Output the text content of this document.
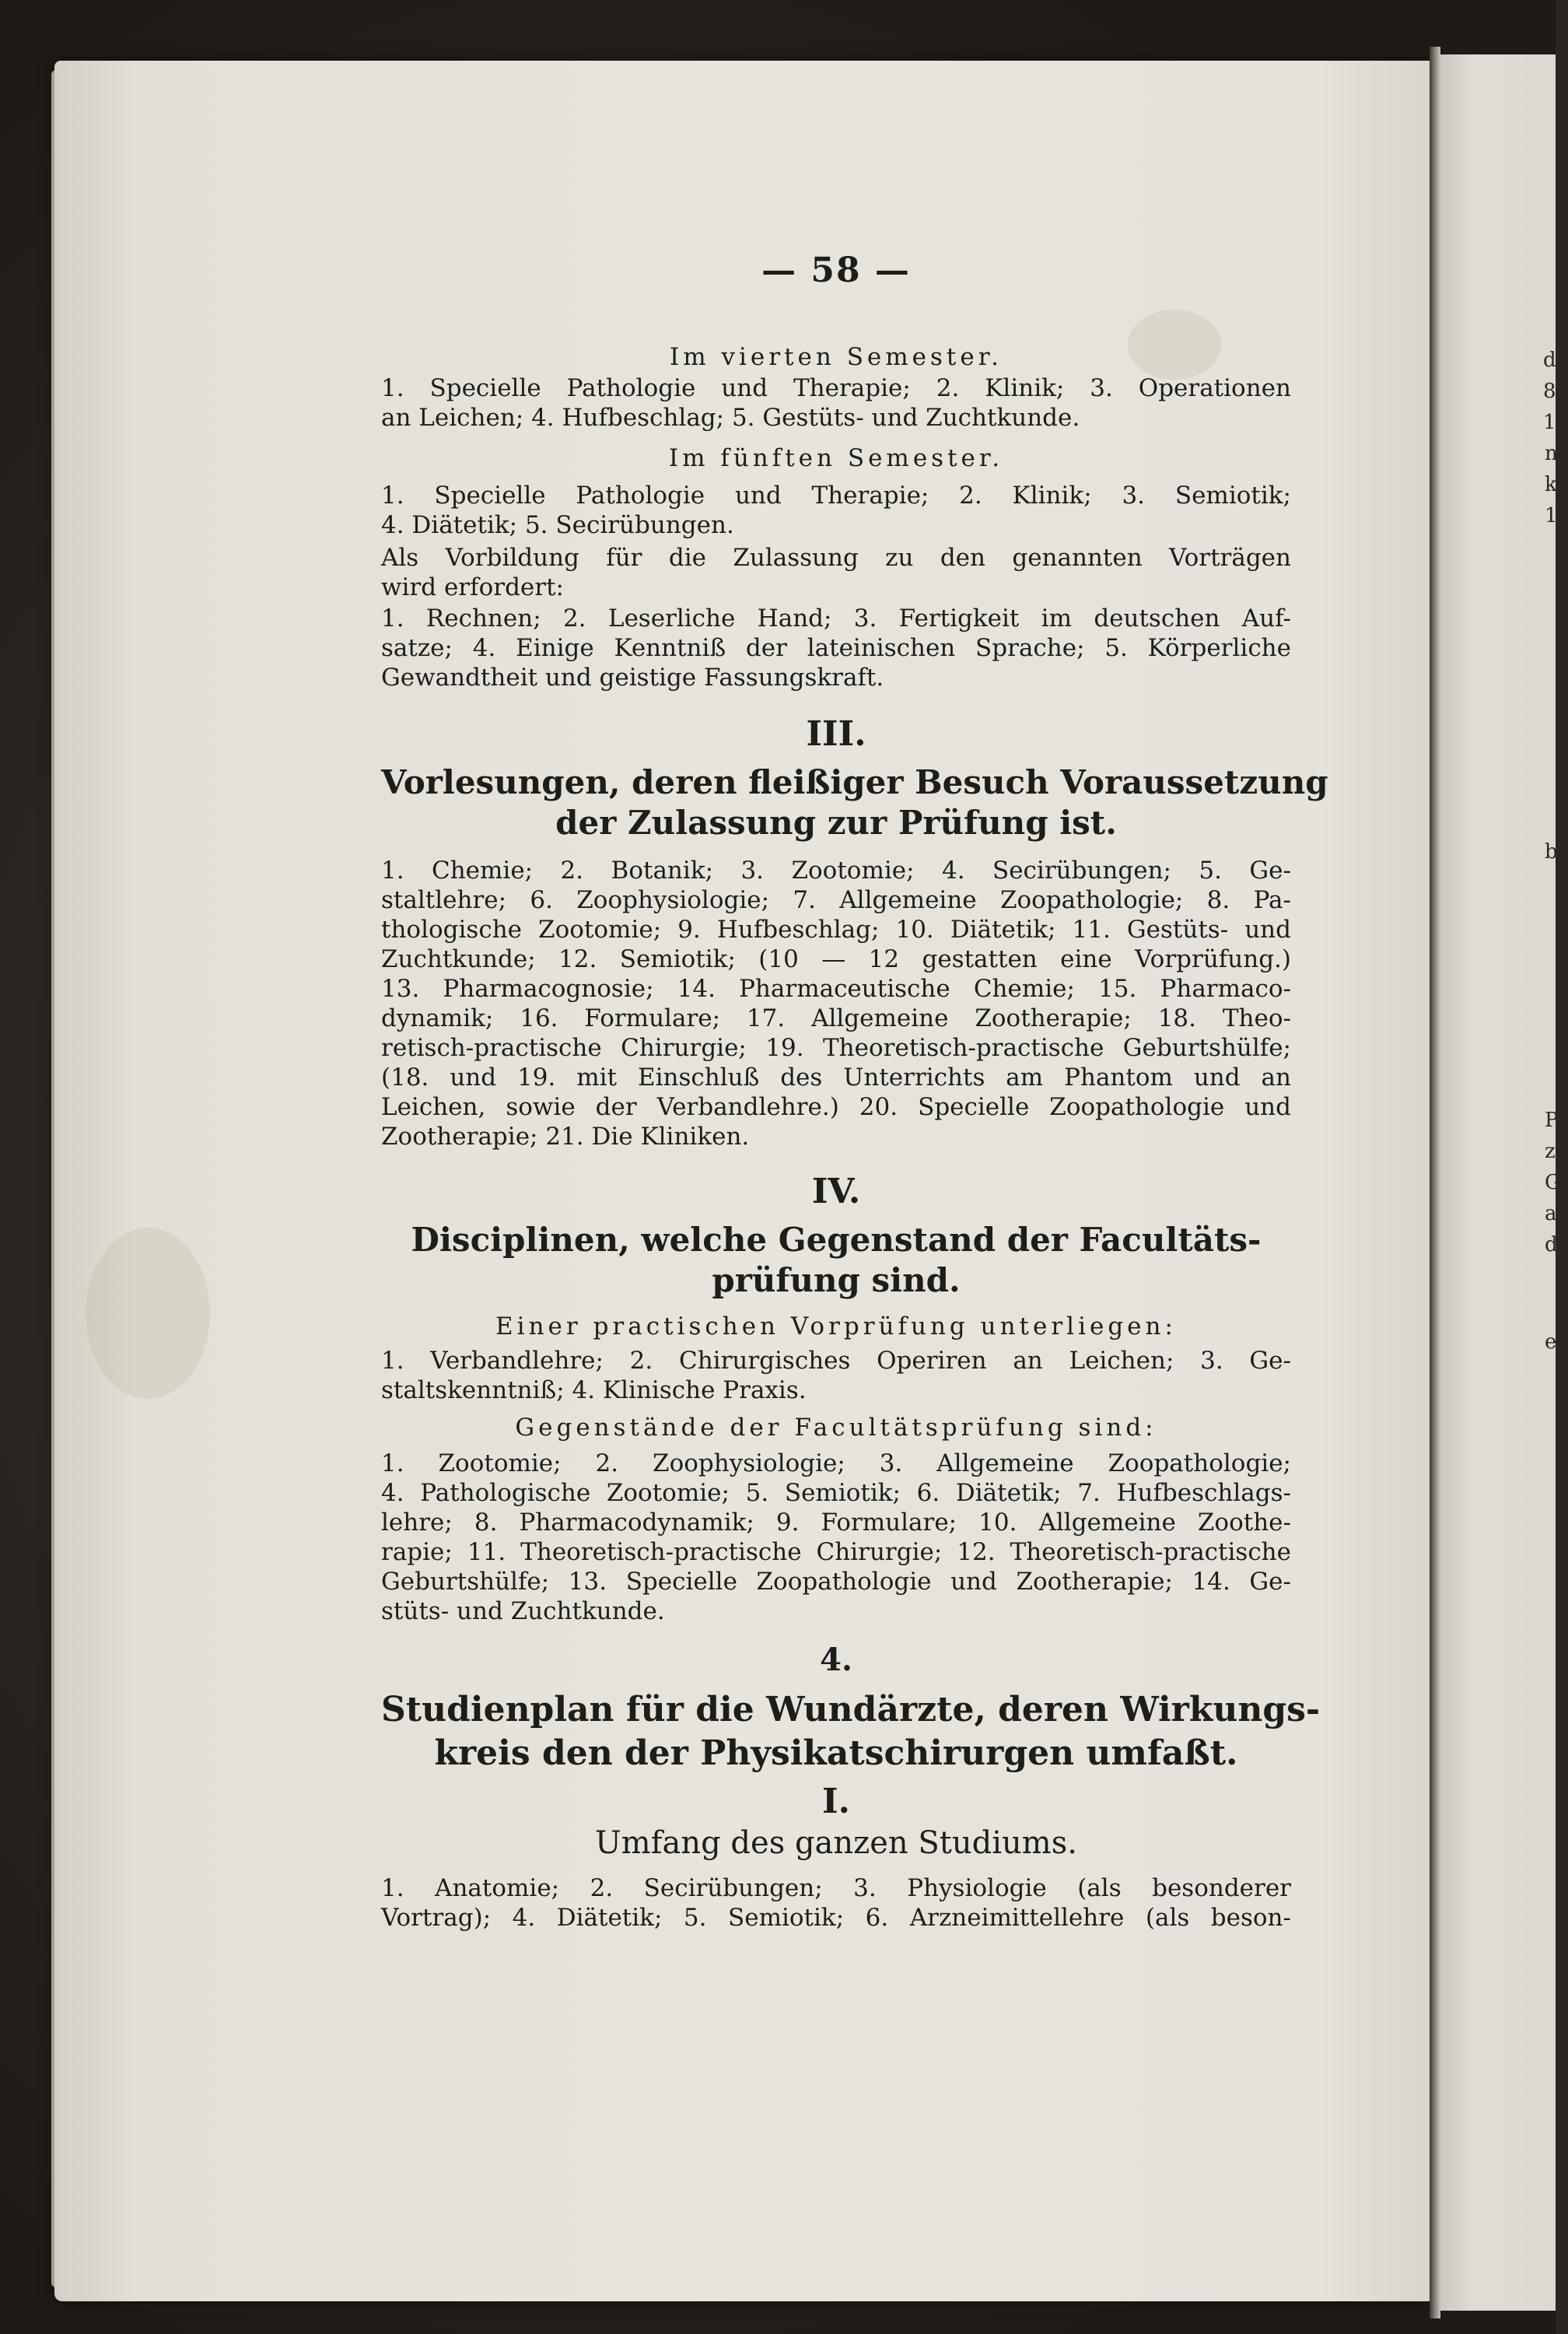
de
8.
1(
n
k
1
b
P
z
G
a
d
e
— 58 —
Im vierten Semester.
1. Specielle Pathologie und Therapie; 2. Klinik; 3. Operationen
an Leichen; 4. Hufbeschlag; 5. Gestüts- und Zuchtkunde.
Im fünften Semester.
1. Specielle Pathologie und Therapie; 2. Klinik; 3. Semiotik;
4. Diätetik; 5. Secirübungen.
Als Vorbildung für die Zulassung zu den genannten Vorträgen
wird erfordert:
1. Rechnen; 2. Leserliche Hand; 3. Fertigkeit im deutschen Auf-
satze; 4. Einige Kenntniß der lateinischen Sprache; 5. Körperliche
Gewandtheit und geistige Fassungskraft.
III.
Vorlesungen, deren fleißiger Besuch Voraussetzung
der Zulassung zur Prüfung ist.
1. Chemie; 2. Botanik; 3. Zootomie; 4. Secirübungen; 5. Ge-
staltlehre; 6. Zoophysiologie; 7. Allgemeine Zoopathologie; 8. Pa-
thologische Zootomie; 9. Hufbeschlag; 10. Diätetik; 11. Gestüts- und
Zuchtkunde; 12. Semiotik; (10 — 12 gestatten eine Vorprüfung.)
13. Pharmacognosie; 14. Pharmaceutische Chemie; 15. Pharmaco-
dynamik; 16. Formulare; 17. Allgemeine Zootherapie; 18. Theo-
retisch-practische Chirurgie; 19. Theoretisch-practische Geburtshülfe;
(18. und 19. mit Einschluß des Unterrichts am Phantom und an
Leichen, sowie der Verbandlehre.) 20. Specielle Zoopathologie und
Zootherapie; 21. Die Kliniken.
IV.
Disciplinen, welche Gegenstand der Facultäts-
prüfung sind.
Einer practischen Vorprüfung unterliegen:
1. Verbandlehre; 2. Chirurgisches Operiren an Leichen; 3. Ge-
staltskenntniß; 4. Klinische Praxis.
Gegenstände der Facultätsprüfung sind:
1. Zootomie; 2. Zoophysiologie; 3. Allgemeine Zoopathologie;
4. Pathologische Zootomie; 5. Semiotik; 6. Diätetik; 7. Hufbeschlags-
lehre; 8. Pharmacodynamik; 9. Formulare; 10. Allgemeine Zoothe-
rapie; 11. Theoretisch-practische Chirurgie; 12. Theoretisch-practische
Geburtshülfe; 13. Specielle Zoopathologie und Zootherapie; 14. Ge-
stüts- und Zuchtkunde.
4.
Studienplan für die Wundärzte, deren Wirkungs-
kreis den der Physikatschirurgen umfaßt.
I.
Umfang des ganzen Studiums.
1. Anatomie; 2. Secirübungen; 3. Physiologie (als besonderer
Vortrag); 4. Diätetik; 5. Semiotik; 6. Arzneimittellehre (als beson-
